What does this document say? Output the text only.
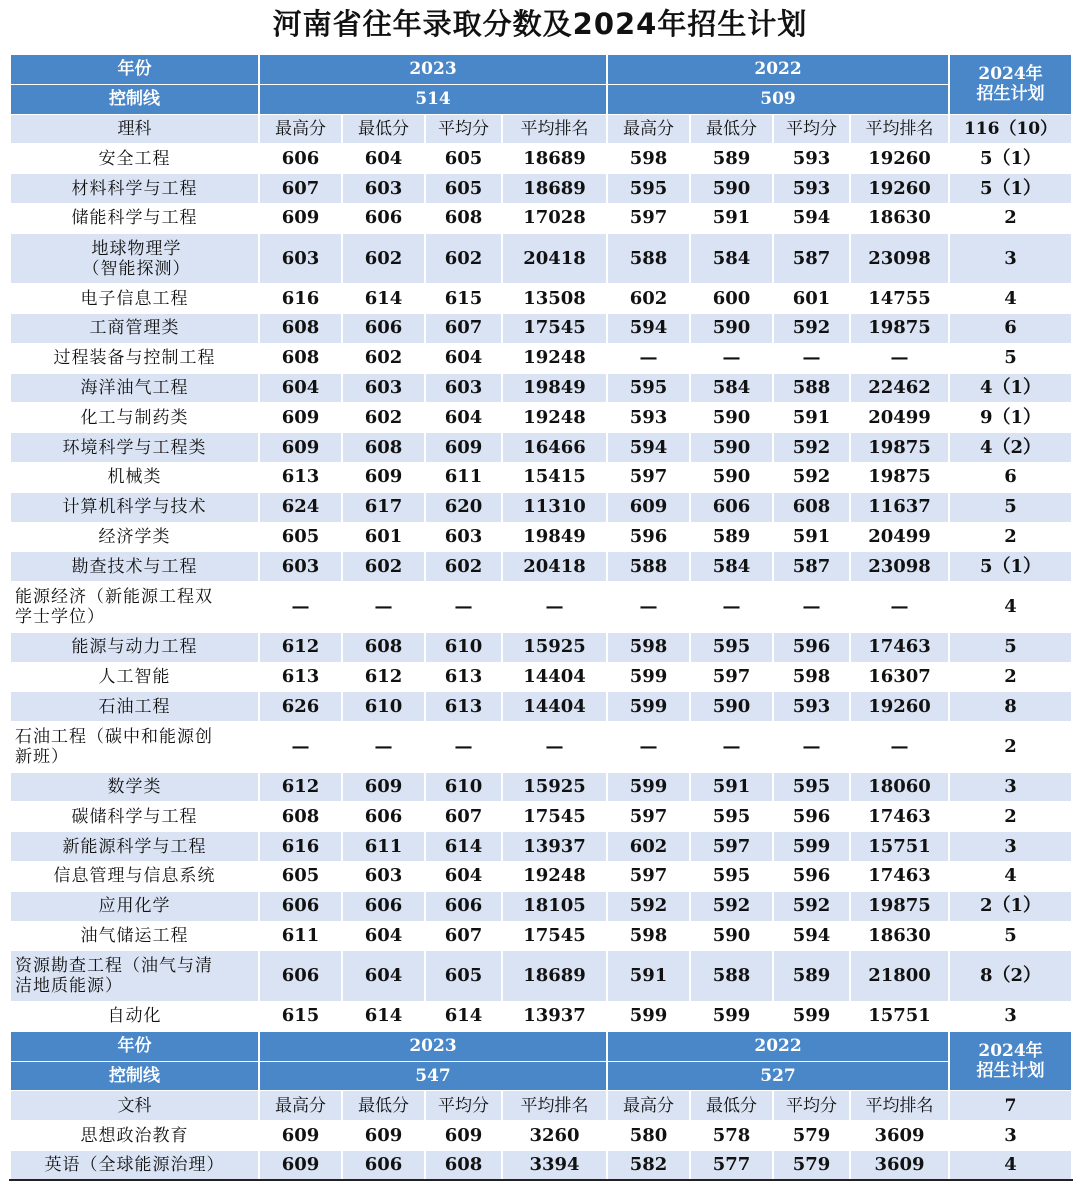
河南省往年录取分数及2024年招生计划
年份	2023				2022				2024年
招生计划
控制线	514				509				
理科	最高分	最低分	平均分	平均排名	最高分	最低分	平均分	平均排名	116（10）
安全工程	606	604	605	18689	598	589	593	19260	5（1）
材料科学与工程	607	603	605	18689	595	590	593	19260	5（1）
储能科学与工程	609	606	608	17028	597	591	594	18630	2
地球物理学
（智能探测）	603	602	602	20418	588	584	587	23098	3
电子信息工程	616	614	615	13508	602	600	601	14755	4
工商管理类	608	606	607	17545	594	590	592	19875	6
过程装备与控制工程	608	602	604	19248	—	—	—	—	5
海洋油气工程	604	603	603	19849	595	584	588	22462	4（1）
化工与制药类	609	602	604	19248	593	590	591	20499	9（1）
环境科学与工程类	609	608	609	16466	594	590	592	19875	4（2）
机械类	613	609	611	15415	597	590	592	19875	6
计算机科学与技术	624	617	620	11310	609	606	608	11637	5
经济学类	605	601	603	19849	596	589	591	20499	2
勘查技术与工程	603	602	602	20418	588	584	587	23098	5（1）
能源经济（新能源工程双
学士学位）	—	—	—	—	—	—	—	—	4
能源与动力工程	612	608	610	15925	598	595	596	17463	5
人工智能	613	612	613	14404	599	597	598	16307	2
石油工程	626	610	613	14404	599	590	593	19260	8
石油工程（碳中和能源创
新班）	—	—	—	—	—	—	—	—	2
数学类	612	609	610	15925	599	591	595	18060	3
碳储科学与工程	608	606	607	17545	597	595	596	17463	2
新能源科学与工程	616	611	614	13937	602	597	599	15751	3
信息管理与信息系统	605	603	604	19248	597	595	596	17463	4
应用化学	606	606	606	18105	592	592	592	19875	2（1）
油气储运工程	611	604	607	17545	598	590	594	18630	5
资源勘查工程（油气与清
洁地质能源）	606	604	605	18689	591	588	589	21800	8（2）
自动化	615	614	614	13937	599	599	599	15751	3
年份	2023				2022				2024年
招生计划
控制线	547				527				
文科	最高分	最低分	平均分	平均排名	最高分	最低分	平均分	平均排名	7
思想政治教育	609	609	609	3260	580	578	579	3609	3
英语（全球能源治理）	609	606	608	3394	582	577	579	3609	4
